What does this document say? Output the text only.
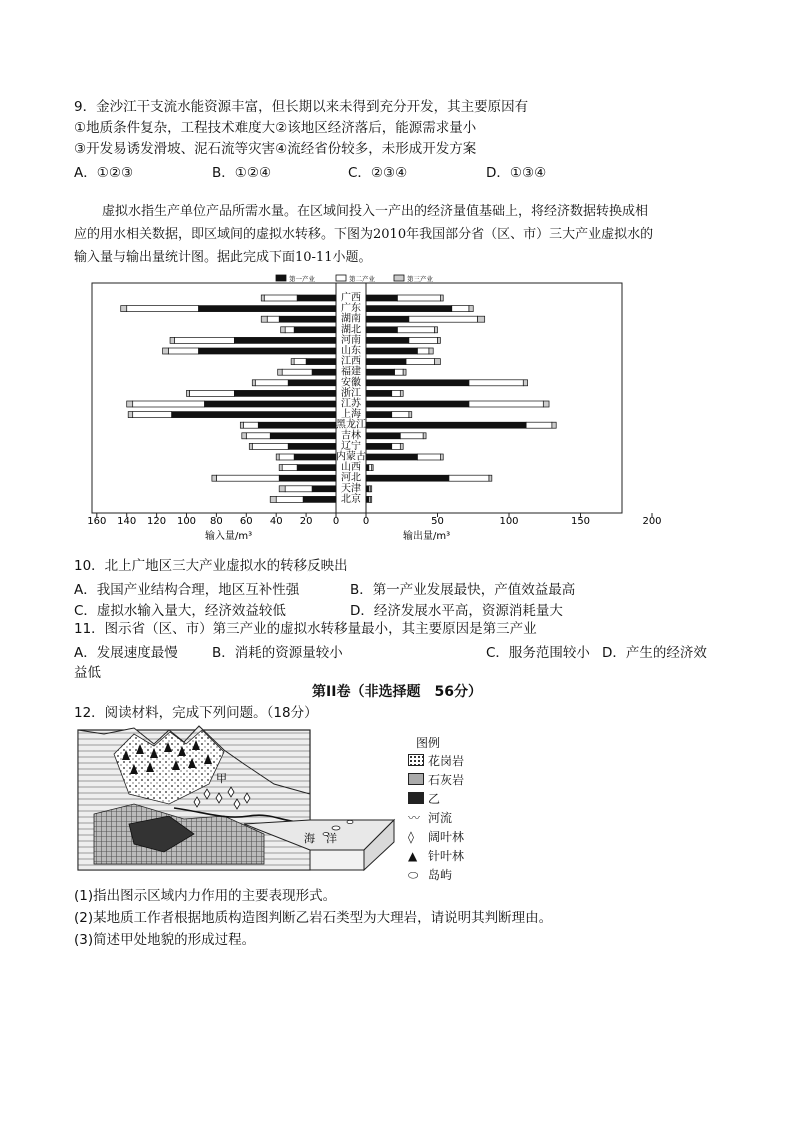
9．金沙江干支流水能资源丰富，但长期以来未得到充分开发，其主要原因有
①地质条件复杂，工程技术难度大②该地区经济落后，能源需求量小
③开发易诱发滑坡、泥石流等灾害④流经省份较多，未形成开发方案
A．①②③	B．①②④	C．②③④	D．①③④
虚拟水指生产单位产品所需水量。在区域间投入一产出的经济量值基础上，将经济数据转换成相
应的用水相关数据，即区域间的虚拟水转移。下图为2010年我国部分省（区、市）三大产业虚拟水的
输入量与输出量统计图。据此完成下面10-11小题。
第一产业	第二产业	第三产业
广西
广东
湖南
湖北
河南
山东
江西
福建
安徽
浙江
江苏
上海
黑龙江
吉林
辽宁
内蒙古
山西
河北
天津
北京
160 140 120 100 80 60 40 20 0 0	50	100	150	200
输入量/m³	输出量/m³
10．北上广地区三大产业虚拟水的转移反映出
A．我国产业结构合理，地区互补性强	B．第一产业发展最快，产值效益最高
C．虚拟水输入量大，经济效益较低	D．经济发展水平高，资源消耗量大
11．图示省（区、市）第三产业的虚拟水转移量最小，其主要原因是第三产业
A．发展速度最慢	B．消耗的资源量较小	C．服务范围较小 D．产生的经济效
益低
第II卷（非选择题　56分）
12．阅读材料，完成下列问题。（18分）
甲
海　洋
图例
花岗岩
石灰岩
乙
〰 河流
◊ 阔叶林
▲ 针叶林
⬭ 岛屿
(1)指出图示区域内力作用的主要表现形式。
(2)某地质工作者根据地质构造图判断乙岩石类型为大理岩，请说明其判断理由。
(3)简述甲处地貌的形成过程。
